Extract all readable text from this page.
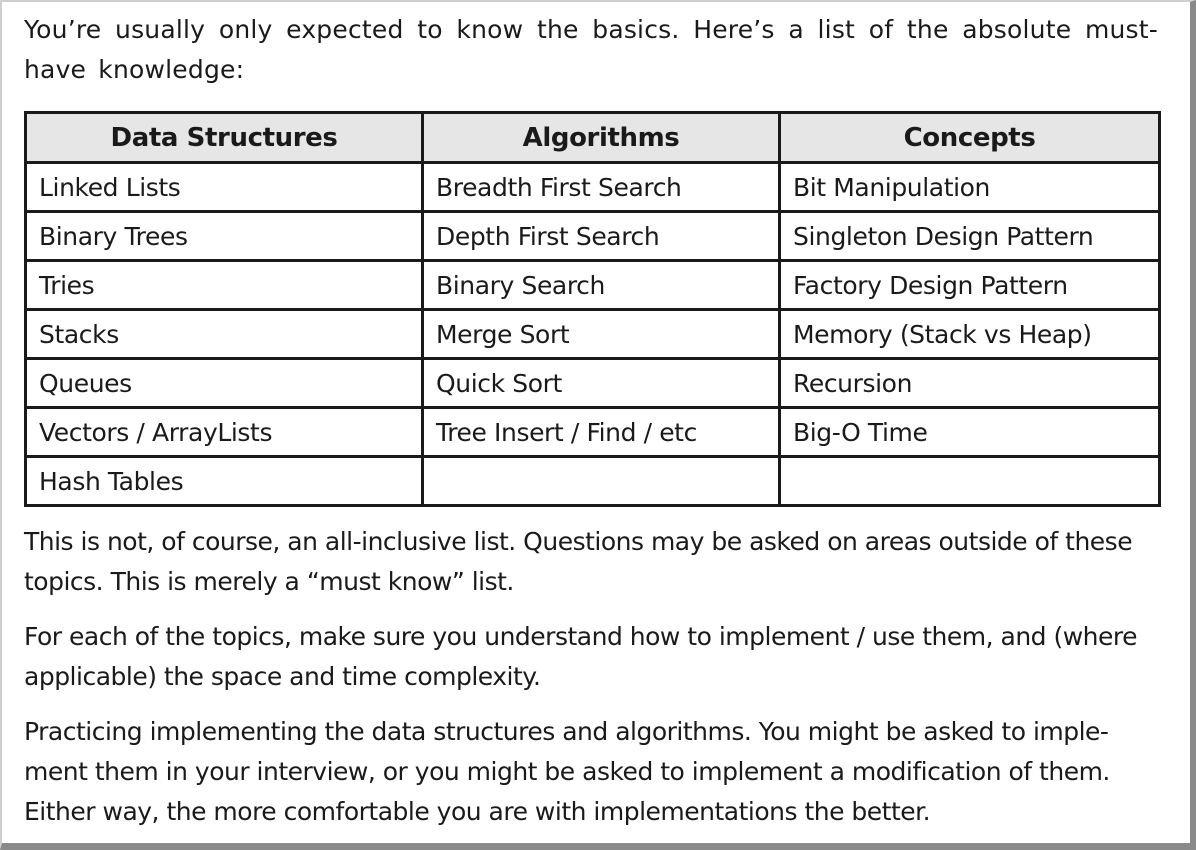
You’re usually only expected to know the basics. Here’s a list of the absolute must-have knowledge:

Data Structures	Algorithms	Concepts
Linked Lists	Breadth First Search	Bit Manipulation
Binary Trees	Depth First Search	Singleton Design Pattern
Tries	Binary Search	Factory Design Pattern
Stacks	Merge Sort	Memory (Stack vs Heap)
Queues	Quick Sort	Recursion
Vectors / ArrayLists	Tree Insert / Find / etc	Big-O Time
Hash Tables		

This is not, of course, an all-inclusive list. Questions may be asked on areas outside of these topics. This is merely a “must know” list.

For each of the topics, make sure you understand how to implement / use them, and (where applicable) the space and time complexity.

Practicing implementing the data structures and algorithms. You might be asked to imple-ment them in your interview, or you might be asked to implement a modification of them. Either way, the more comfortable you are with implementations the better.
